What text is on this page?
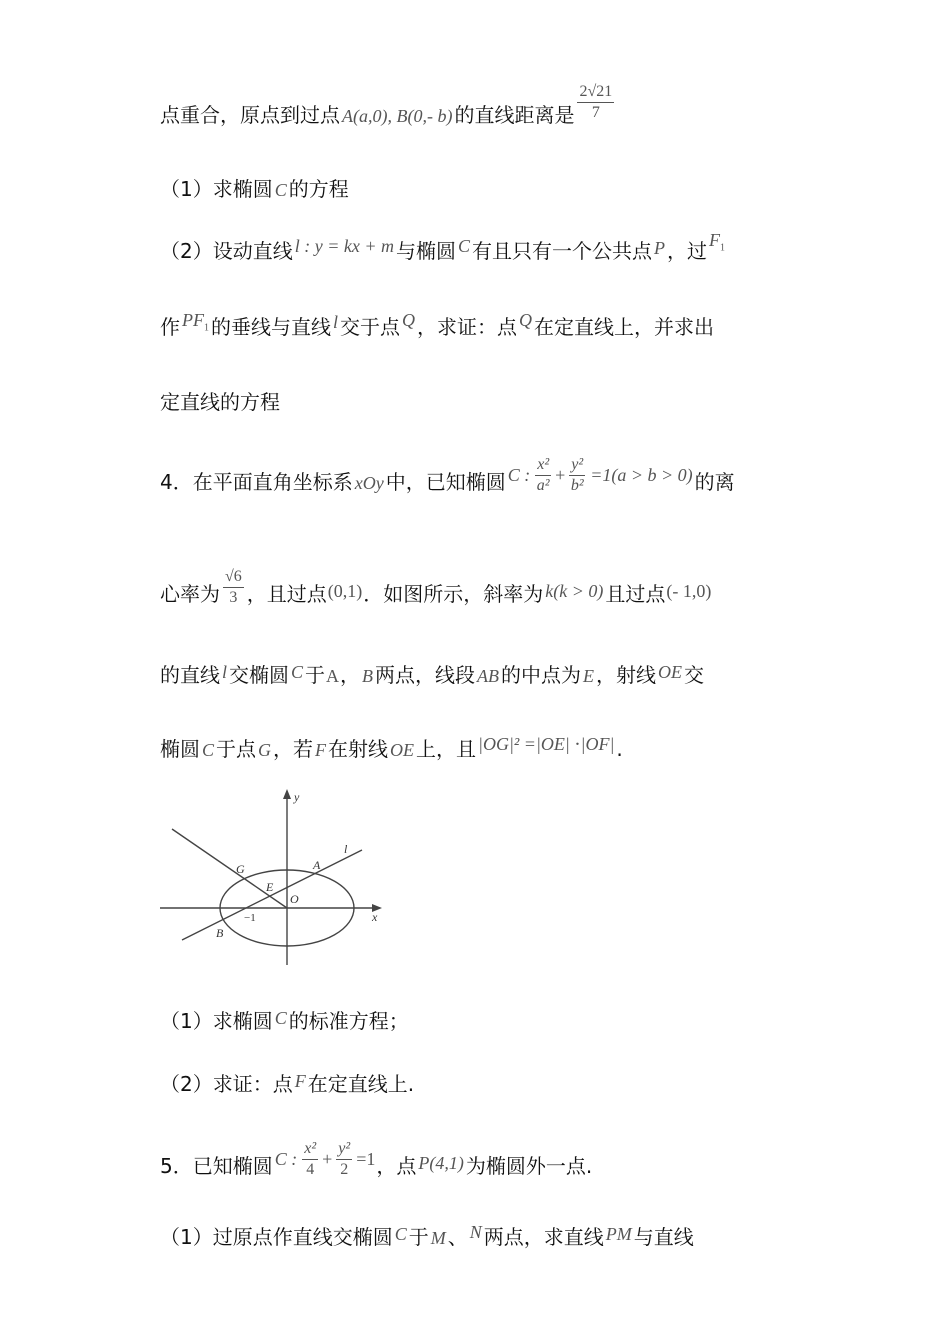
点重合，原点到过点 A(a,0), B(0,- b) 的直线距离是 $\frac{2√21}{7}$
（1）求椭圆 C 的方程
（2）设动直线 l : y = kx + m 与椭圆 C 有且只有一个公共点 P ，过 $F_1$
作 $PF_1$ 的垂线与直线 l 交于点 Q ，求证：点 Q 在定直线上，并求出
定直线的方程
4．在平面直角坐标系 xOy 中，已知椭圆 C : $\frac{\text{x²}}{\text{a²}} + \frac{\text{y²}}{\text{b²}} =1(a > b > 0)$ 的离
心率为 $\frac{√6}{3}$ ，且过点(0,1)．如图所示，斜率为 k(k > 0) 且过点(- 1,0)
的直线 l 交椭圆 C 于A， B 两点，线段 AB 的中点为 E ，射线 OE 交
椭圆 C 于点 G ，若 F 在射线 OE 上，且 |OG|² =|OE| ⋅|OF| .
y
x
l
G	A
E
O
B
−1
（1）求椭圆 C 的标准方程；
（2）求证：点 F 在定直线上.
5．已知椭圆 C : $\frac{\text{x²}}{4} + \frac{\text{y²}}{2} =1$，点 P(4,1) 为椭圆外一点.
（1）过原点作直线交椭圆 C 于 M 、 N 两点，求直线 PM 与直线
